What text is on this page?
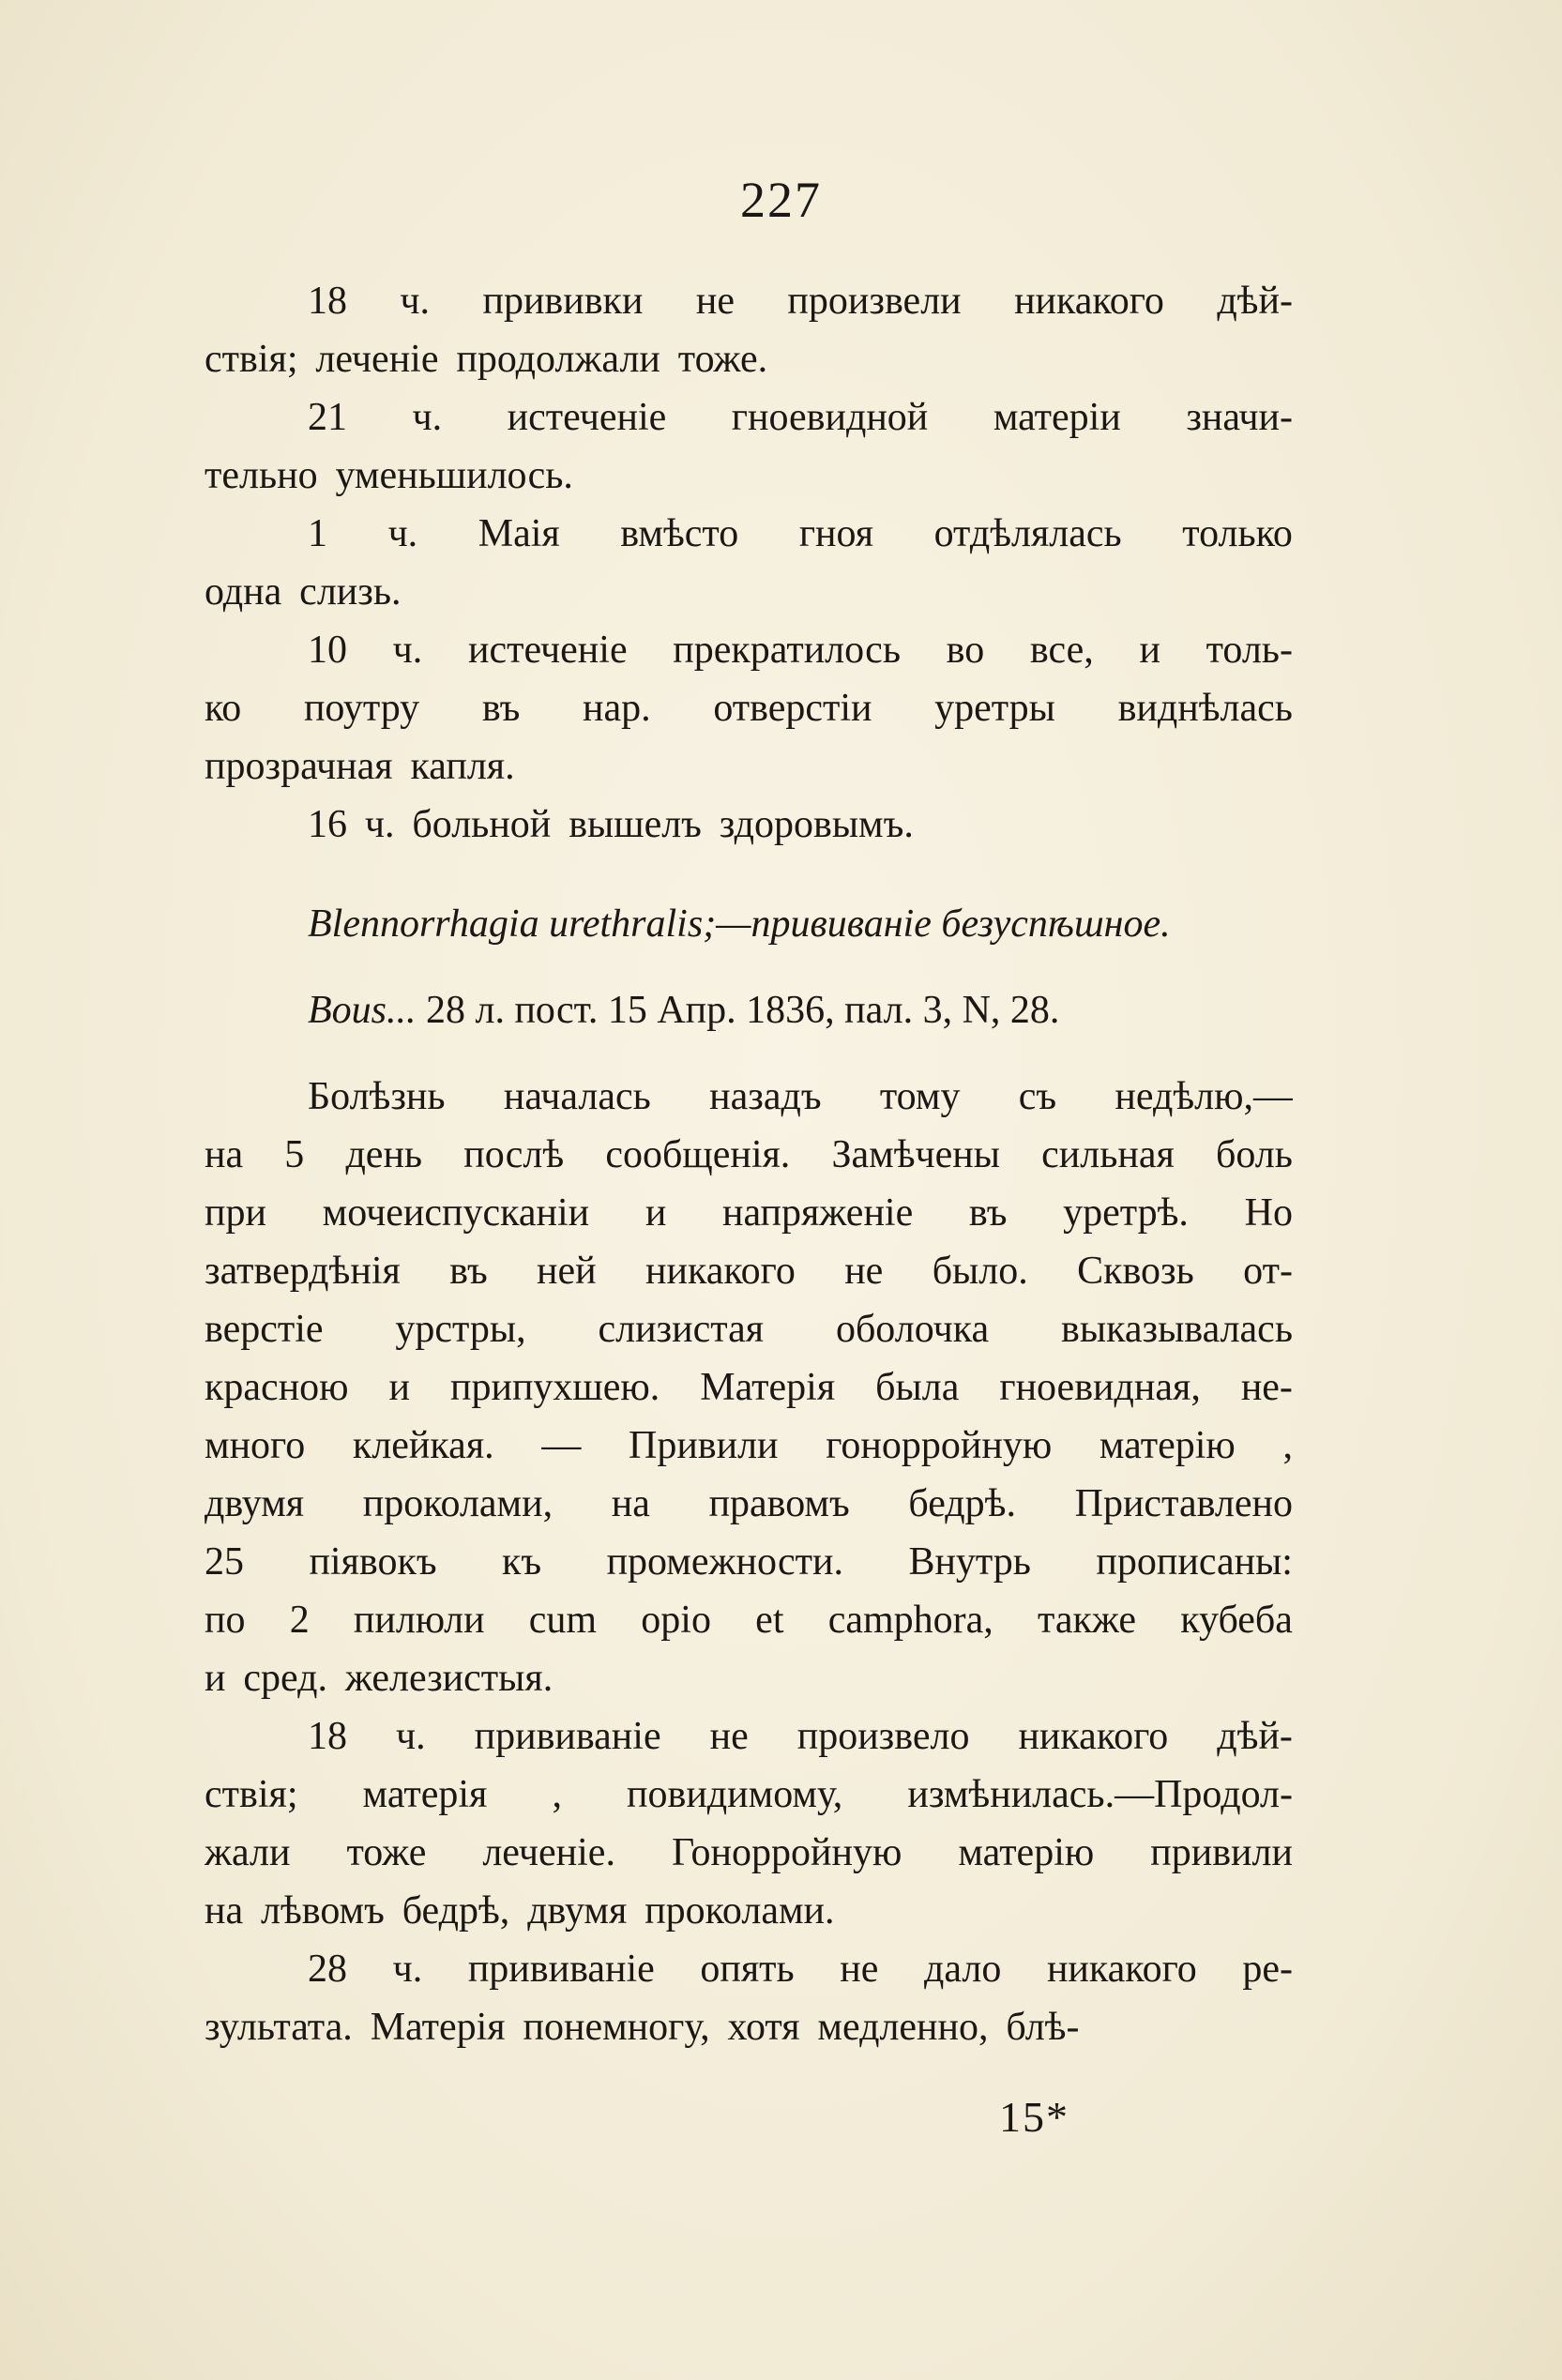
227
18 ч. прививки не произвели никакого дѣй-
ствія; леченіе продолжали тоже.
21 ч. истеченіе гноевидной матеріи значи-
тельно уменьшилось.
1 ч. Маія вмѣсто гноя отдѣлялась только
одна слизь.
10 ч. истеченіе прекратилось во все, и толь-
ко поутру въ нар. отверстіи уретры виднѣлась
прозрачная капля.
16 ч. больной вышелъ здоровымъ.
Blennorrhagia urethralis;—прививаніе безуспѣшное.
Bous... 28 л. пост. 15 Апр. 1836, пал. 3, N, 28.
Болѣзнь началась назадъ тому съ недѣлю,—
на 5 день послѣ сообщенія. Замѣчены сильная боль
при мочеиспусканіи и напряженіе въ уретрѣ. Но
затвердѣнія въ ней никакого не было. Сквозь от-
верстіе урстры, слизистая оболочка выказывалась
красною и припухшею. Матерія была гноевидная, не-
много клейкая. — Привили гонорройную матерію ,
двумя проколами, на правомъ бедрѣ. Приставлено
25 піявокъ къ промежности. Внутрь прописаны:
по 2 пилюли cum opio et camphora, также кубеба
и сред. железистыя.
18 ч. прививаніе не произвело никакого дѣй-
ствія; матерія , повидимому, измѣнилась.—Продол-
жали тоже леченіе. Гонорройную матерію привили
на лѣвомъ бедрѣ, двумя проколами.
28 ч. прививаніе опять не дало никакого ре-
зультата. Матерія понемногу, хотя медленно, блѣ-
15*
